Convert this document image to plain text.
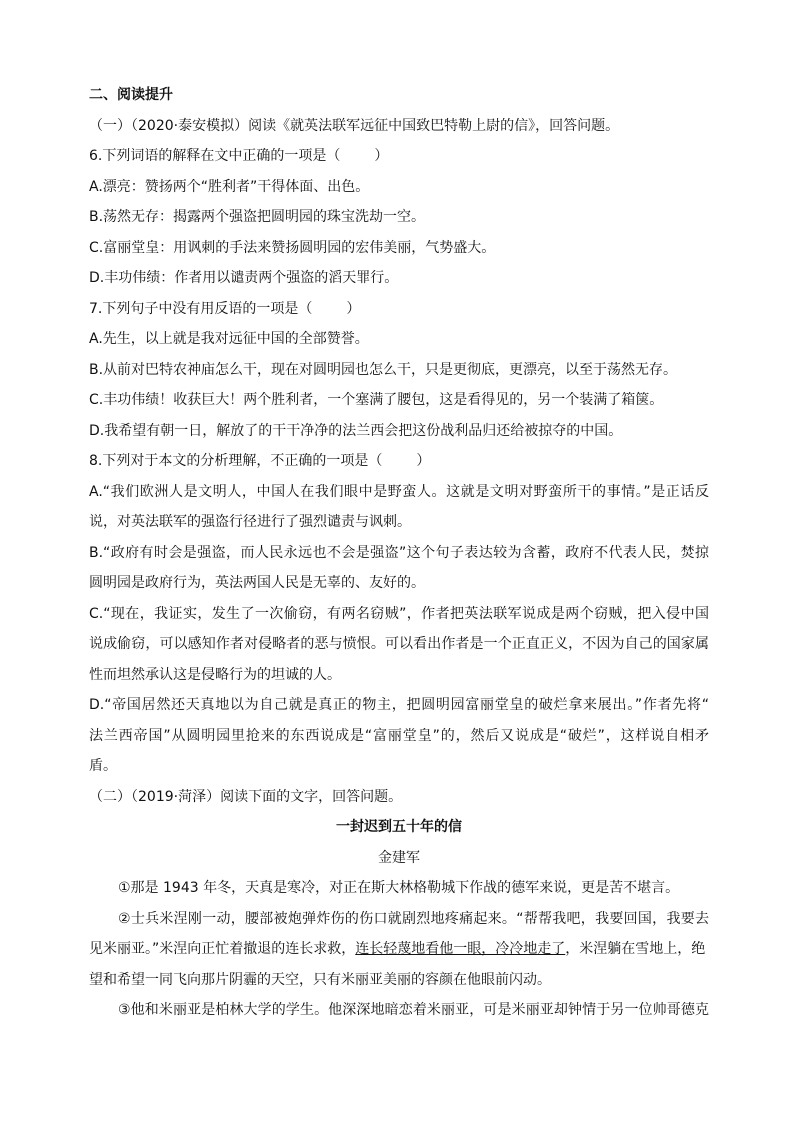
二、阅读提升
（一）（2020·泰安模拟）阅读《就英法联军远征中国致巴特勒上尉的信》，回答问题。
6.下列词语的解释在文中正确的一项是（ ）
A.漂亮：赞扬两个“胜利者”干得体面、出色。
B.荡然无存：揭露两个强盗把圆明园的珠宝洗劫一空。
C.富丽堂皇：用讽刺的手法来赞扬圆明园的宏伟美丽，气势盛大。
D.丰功伟绩：作者用以谴责两个强盗的滔天罪行。
7.下列句子中没有用反语的一项是（ ）
A.先生，以上就是我对远征中国的全部赞誉。
B.从前对巴特农神庙怎么干，现在对圆明园也怎么干，只是更彻底，更漂亮，以至于荡然无存。
C.丰功伟绩！收获巨大！两个胜利者，一个塞满了腰包，这是看得见的，另一个装满了箱箧。
D.我希望有朝一日，解放了的干干净净的法兰西会把这份战利品归还给被掠夺的中国。
8.下列对于本文的分析理解，不正确的一项是（ ）
A.“我们欧洲人是文明人，中国人在我们眼中是野蛮人。这就是文明对野蛮所干的事情。”是正话反
说，对英法联军的强盗行径进行了强烈谴责与讽刺。
B.“政府有时会是强盗，而人民永远也不会是强盗”这个句子表达较为含蓄，政府不代表人民，焚掠
圆明园是政府行为，英法两国人民是无辜的、友好的。
C.“现在，我证实，发生了一次偷窃，有两名窃贼”，作者把英法联军说成是两个窃贼，把入侵中国
说成偷窃，可以感知作者对侵略者的恶与愤恨。可以看出作者是一个正直正义，不因为自己的国家属
性而坦然承认这是侵略行为的坦诚的人。
D.“帝国居然还天真地以为自己就是真正的物主，把圆明园富丽堂皇的破烂拿来展出。”作者先将“
法兰西帝国”从圆明园里抢来的东西说成是“富丽堂皇”的，然后又说成是“破烂”，这样说自相矛
盾。
（二）（2019·菏泽）阅读下面的文字，回答问题。
一封迟到五十年的信
金建军
①那是 1943 年冬，天真是寒冷，对正在斯大林格勒城下作战的德军来说，更是苦不堪言。
②士兵米涅刚一动，腰部被炮弹炸伤的伤口就剧烈地疼痛起来。“帮帮我吧，我要回国，我要去
见米丽亚。”米涅向正忙着撤退的连长求救，连长轻蔑地看他一眼，冷冷地走了，米涅躺在雪地上，绝
望和希望一同飞向那片阴霾的天空，只有米丽亚美丽的容颜在他眼前闪动。
③他和米丽亚是柏林大学的学生。他深深地暗恋着米丽亚，可是米丽亚却钟情于另一位帅哥德克
